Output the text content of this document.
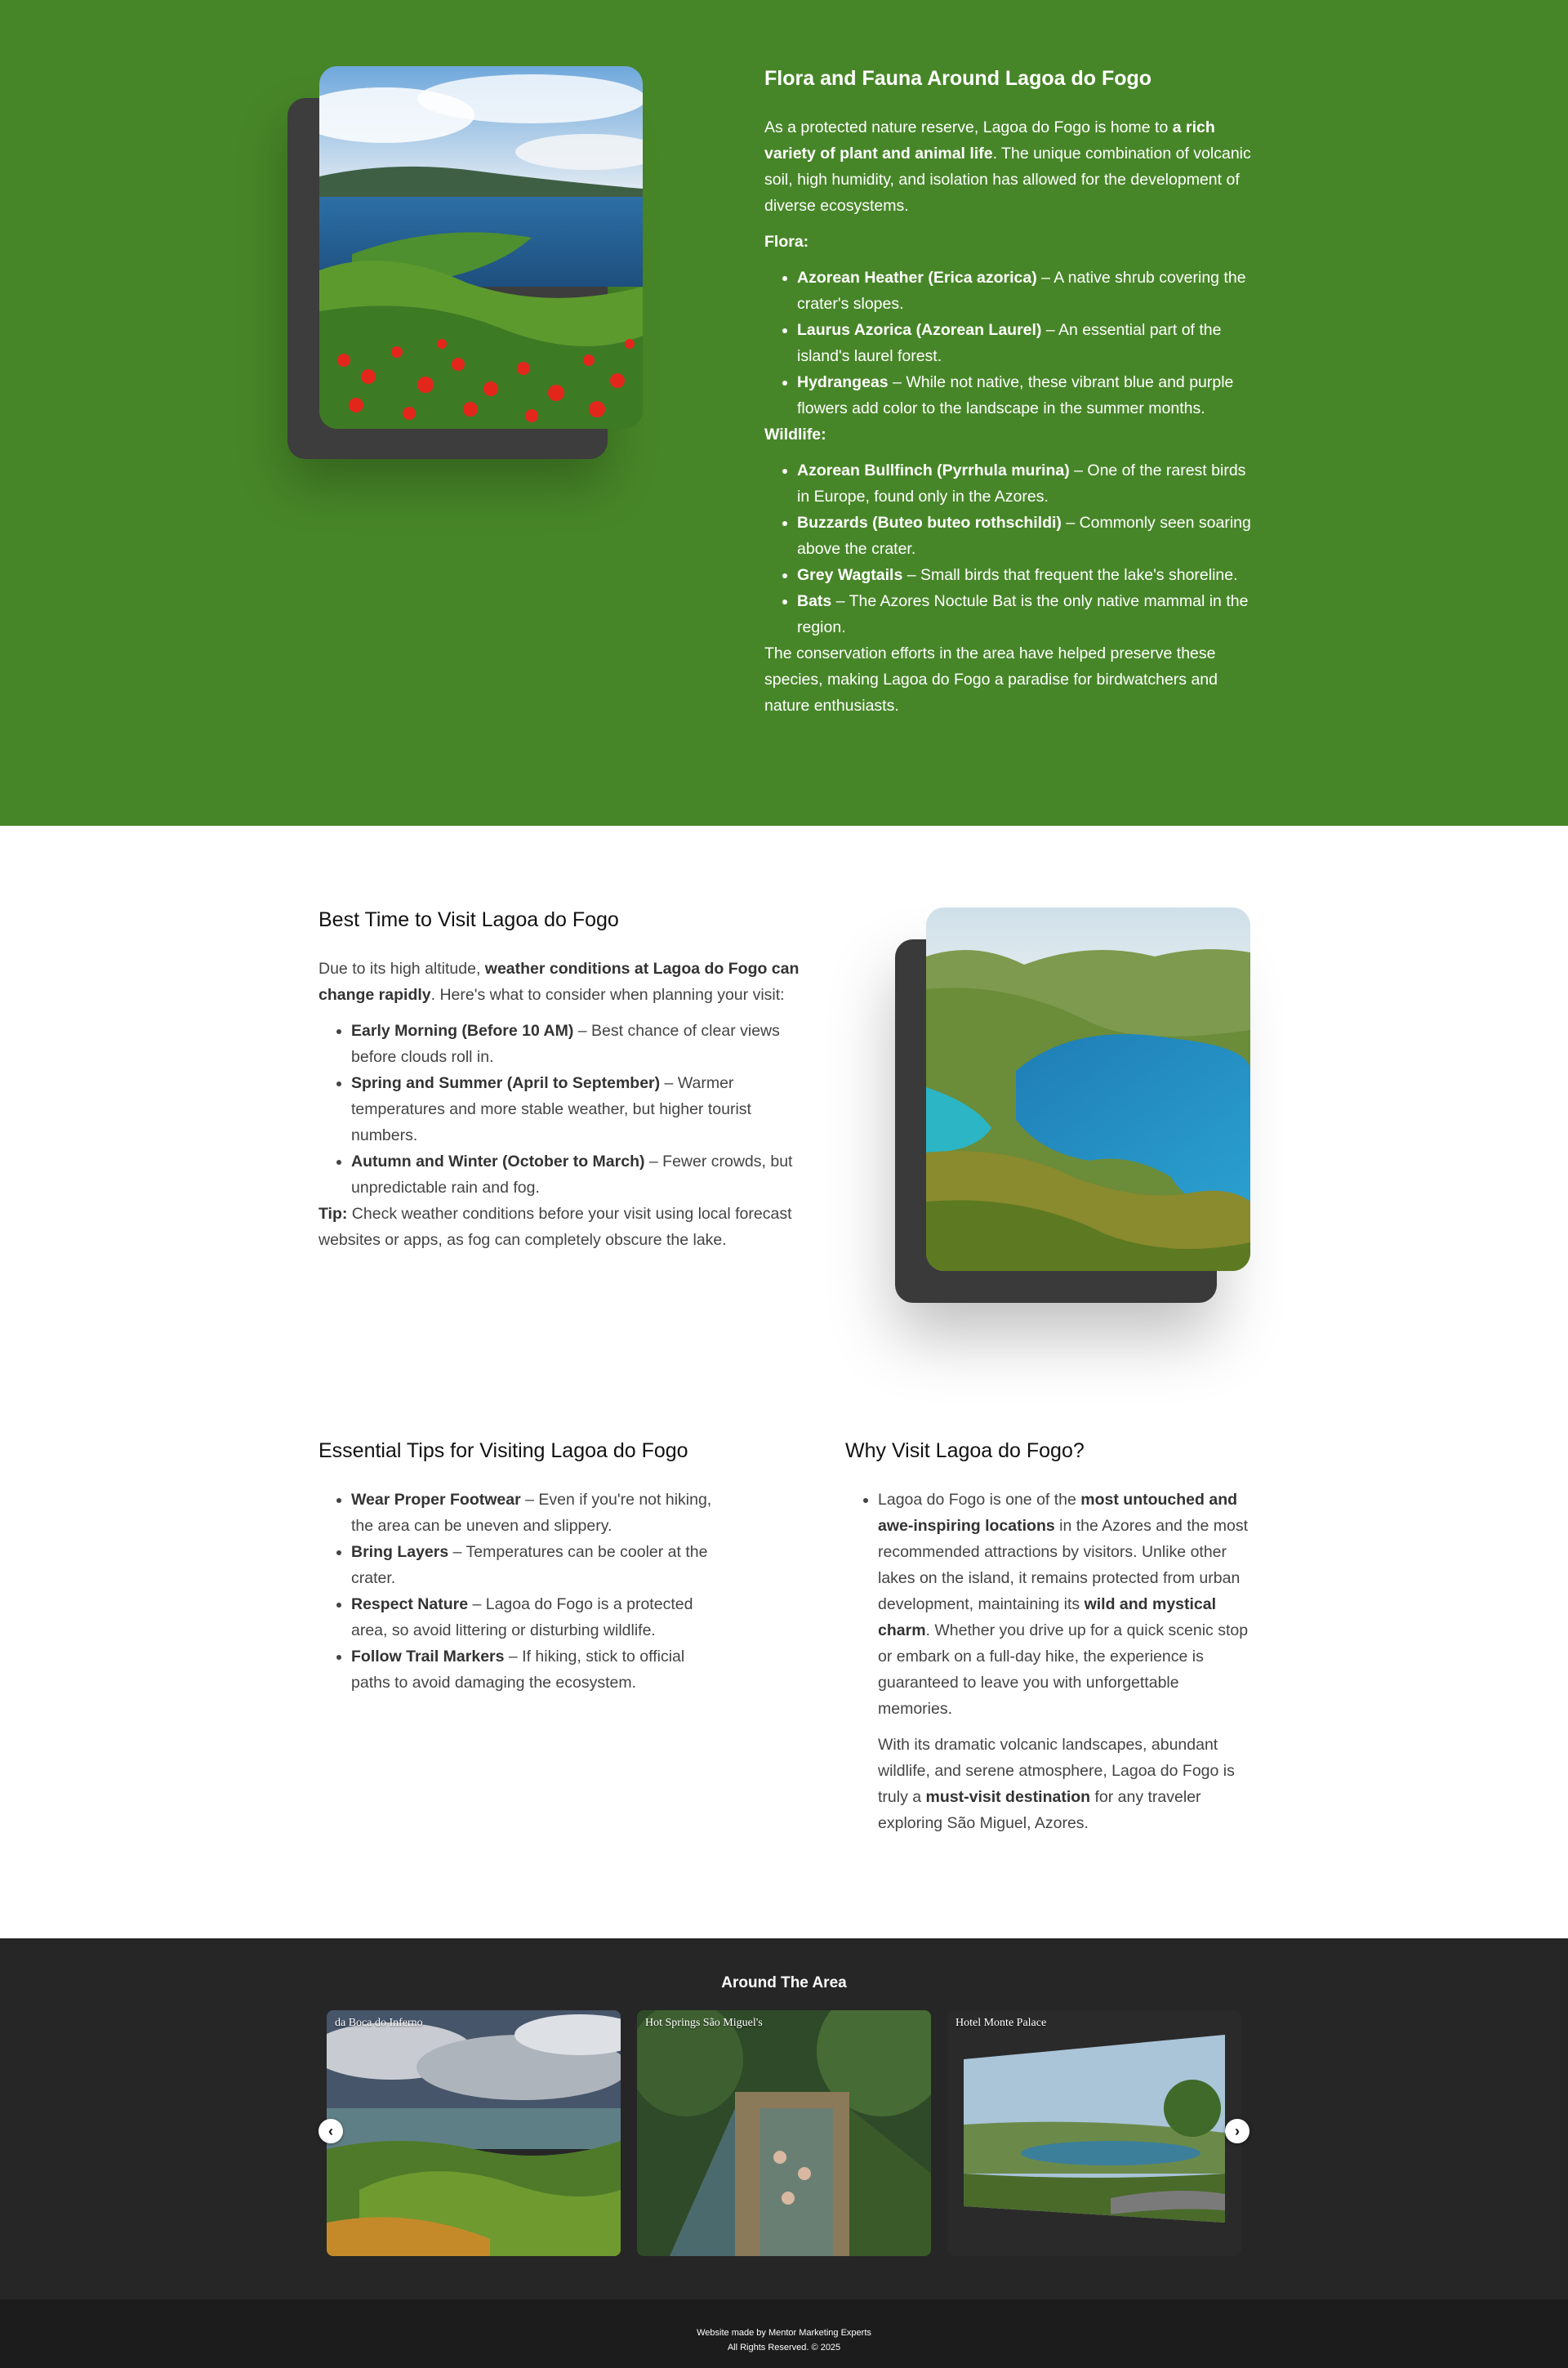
Flora and Fauna Around Lagoa do Fogo

As a protected nature reserve, Lagoa do Fogo is home to a rich variety of plant and animal life. The unique combination of volcanic soil, high humidity, and isolation has allowed for the development of diverse ecosystems.

Flora:

• Azorean Heather (Erica azorica) – A native shrub covering the crater's slopes.
• Laurus Azorica (Azorean Laurel) – An essential part of the island's laurel forest.
• Hydrangeas – While not native, these vibrant blue and purple flowers add color to the landscape in the summer months.

Wildlife:

• Azorean Bullfinch (Pyrrhula murina) – One of the rarest birds in Europe, found only in the Azores.
• Buzzards (Buteo buteo rothschildi) – Commonly seen soaring above the crater.
• Grey Wagtails – Small birds that frequent the lake's shoreline.
• Bats – The Azores Noctule Bat is the only native mammal in the region.

The conservation efforts in the area have helped preserve these species, making Lagoa do Fogo a paradise for birdwatchers and nature enthusiasts.

Best Time to Visit Lagoa do Fogo

Due to its high altitude, weather conditions at Lagoa do Fogo can change rapidly. Here's what to consider when planning your visit:

• Early Morning (Before 10 AM) – Best chance of clear views before clouds roll in.
• Spring and Summer (April to September) – Warmer temperatures and more stable weather, but higher tourist numbers.
• Autumn and Winter (October to March) – Fewer crowds, but unpredictable rain and fog.

Tip: Check weather conditions before your visit using local forecast websites or apps, as fog can completely obscure the lake.

Essential Tips for Visiting Lagoa do Fogo
• Wear Proper Footwear – Even if you're not hiking, the area can be uneven and slippery.
• Bring Layers – Temperatures can be cooler at the crater.
• Respect Nature – Lagoa do Fogo is a protected area, so avoid littering or disturbing wildlife.
• Follow Trail Markers – If hiking, stick to official paths to avoid damaging the ecosystem.
Why Visit Lagoa do Fogo?

• Lagoa do Fogo is one of the most untouched and awe-inspiring locations in the Azores and the most recommended attractions by visitors. Unlike other lakes on the island, it remains protected from urban development, maintaining its wild and mystical charm. Whether you drive up for a quick scenic stop or embark on a full-day hike, the experience is guaranteed to leave you with unforgettable memories.

With its dramatic volcanic landscapes, abundant wildlife, and serene atmosphere, Lagoa do Fogo is truly a must-visit destination for any traveler exploring São Miguel, Azores.

Around The Area
da Boca do Inferno	Hot Springs São Miguel's	Hotel Monte Palace
‹	›
Website made by Mentor Marketing Experts
All Rights Reserved. © 2025
